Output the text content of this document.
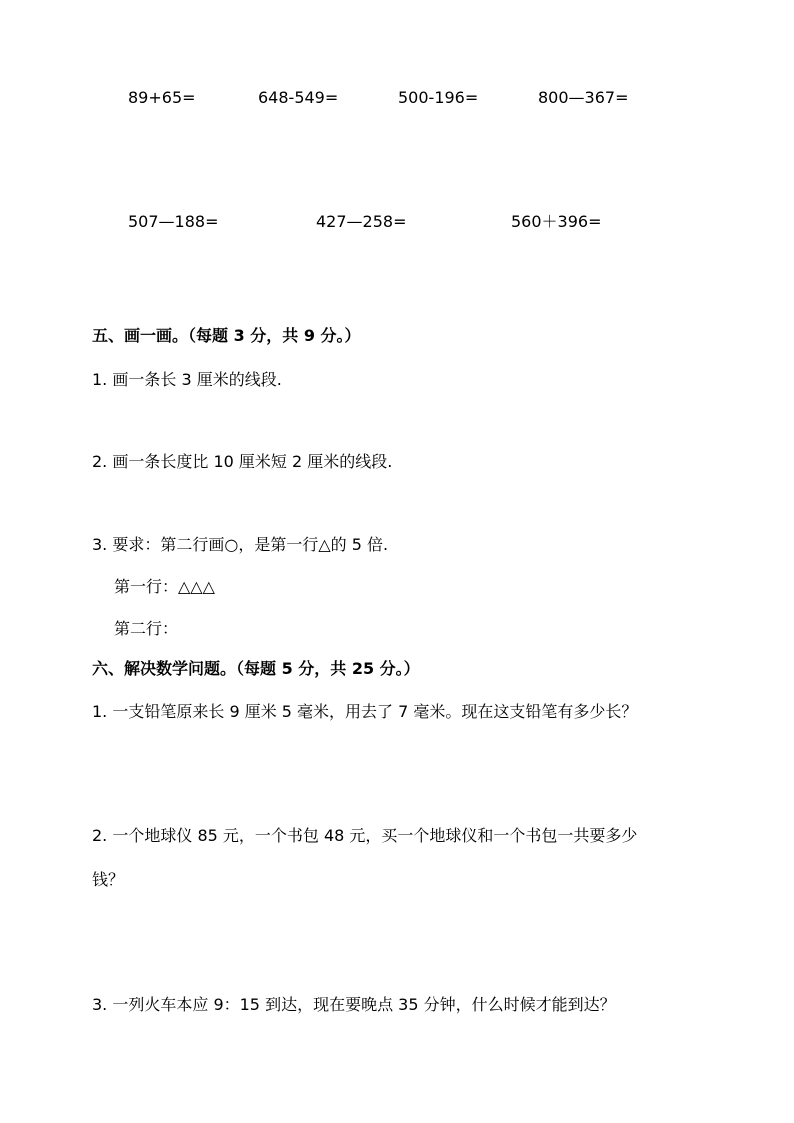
89+65=	648-549=	500-196=	800—367=
507—188=	427—258=	560＋396=
五、画一画。（每题 3 分，共 9 分。）
1. 画一条长 3 厘米的线段.
2. 画一条长度比 10 厘米短 2 厘米的线段.
3. 要求：第二行画○，是第一行△的 5 倍.
第一行：△△△
第二行：
六、解决数学问题。（每题 5 分，共 25 分。）
1. 一支铅笔原来长 9 厘米 5 毫米，用去了 7 毫米。现在这支铅笔有多少长？
2. 一个地球仪 85 元，一个书包 48 元，买一个地球仪和一个书包一共要多少
钱？
3. 一列火车本应 9：15 到达，现在要晚点 35 分钟，什么时候才能到达？
